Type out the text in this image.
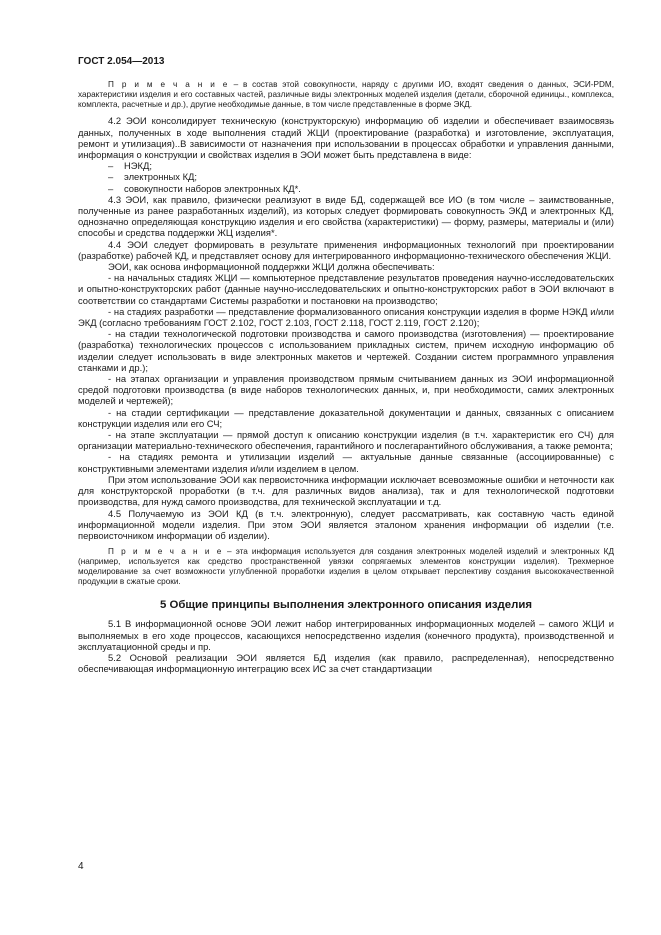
ГОСТ 2.054—2013

П р и м е ч а н и е – в состав этой совокупности, наряду с другими ИО, входят сведения о данных, ЭСИ-PDM, характеристики изделия и его составных частей, различные виды электронных моделей изделия (детали, сборочной единицы., комплекса, комплекта, расчетные и др.), другие необходимые данные, в том числе представленные в форме ЭКД.

4.2 ЭОИ консолидирует техническую (конструкторскую) информацию об изделии и обеспечивает взаимосвязь данных, полученных в ходе выполнения стадий ЖЦИ (проектирование (разработка) и изготовление, эксплуатация, ремонт и утилизация)..В зависимости от назначения при использовании в процессах обработки и управления данными, информация о конструкции и свойствах изделия в ЭОИ может быть представлена в виде:

– НЭКД;
– электронных КД;
– совокупности наборов электронных КД*.

4.3 ЭОИ, как правило, физически реализуют в виде БД, содержащей все ИО (в том числе – заимствованные, полученные из ранее разработанных изделий), из которых следует формировать совокупность ЭКД и электронных КД, однозначно определяющая конструкцию изделия и его свойства (характеристики) — форму, размеры, материалы и (или) способы и средства поддержки ЖЦ изделия*.

4.4 ЭОИ следует формировать в результате применения информационных технологий при проектировании (разработке) рабочей КД, и представляет основу для интегрированного информационно-технического обеспечения ЖЦИ.

ЭОИ, как основа информационной поддержки ЖЦИ должна обеспечивать:

- на начальных стадиях ЖЦИ — компьютерное представление результатов проведения научно-исследовательских и опытно-конструкторских работ (данные научно-исследовательских и опытно-конструкторских работ в ЭОИ включают в соответствии со стандартами Системы разработки и постановки на производство;

- на стадиях разработки — представление формализованного описания конструкции изделия в форме НЭКД и/или ЭКД (согласно требованиям ГОСТ 2.102, ГОСТ 2.103, ГОСТ 2.118, ГОСТ 2.119, ГОСТ 2.120);

- на стадии технологической подготовки производства и самого производства (изготовления) — проектирование (разработка) технологических процессов с использованием прикладных систем, причем исходную информацию об изделии следует использовать в виде электронных макетов и чертежей. Создании систем программного управления станками и др.);

- на этапах организации и управления производством прямым считыванием данных из ЭОИ информационной средой подготовки производства (в виде наборов технологических данных, и, при необходимости, самих электронных моделей и чертежей);

- на стадии сертификации — представление доказательной документации и данных, связанных с описанием конструкции изделия или его СЧ;

- на этапе эксплуатации — прямой доступ к описанию конструкции изделия (в т.ч. характеристик его СЧ) для организации материально-технического обеспечения, гарантийного и послегарантийного обслуживания, а также ремонта;

- на стадиях ремонта и утилизации изделий — актуальные данные связанные (ассоциированные) с конструктивными элементами изделия и/или изделием в целом.

При этом использование ЭОИ как первоисточника информации исключает всевозможные ошибки и неточности как для конструкторской проработки (в т.ч. для различных видов анализа), так и для технологической подготовки производства, для нужд самого производства, для технической эксплуатации и т.д.

4.5 Получаемую из ЭОИ КД (в т.ч. электронную), следует рассматривать, как составную часть единой информационной модели изделия. При этом ЭОИ является эталоном хранения информации об изделии (т.е. первоисточником информации об изделии).

П р и м е ч а н и е – эта информация используется для создания электронных моделей изделий и электронных КД (например, используется как средство пространственной увязки сопрягаемых элементов конструкции изделия). Трехмерное моделирование за счет возможности углубленной проработки изделия в целом открывает перспективу создания высококачественной продукции в сжатые сроки.

5 Общие принципы выполнения электронного описания изделия

5.1 В информационной основе ЭОИ лежит набор интегрированных информационных моделей – самого ЖЦИ и выполняемых в его ходе процессов, касающихся непосредственно изделия (конечного продукта), производственной и эксплуатационной среды и пр.

5.2 Основой реализации ЭОИ является БД изделия (как правило, распределенная), непосредственно обеспечивающая информационную интеграцию всех ИС за счет стандартизации

4
